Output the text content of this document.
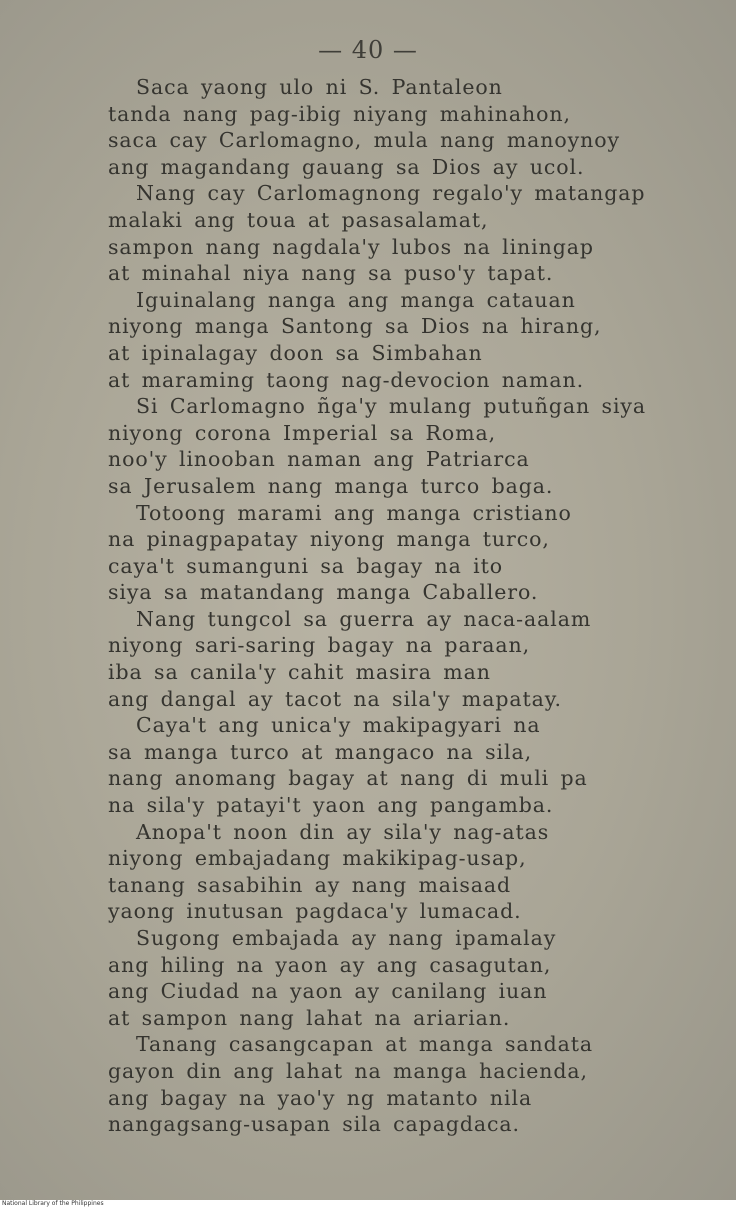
— 40 —
Saca yaong ulo ni S. Pantaleon
tanda nang pag-ibig niyang mahinahon,
saca cay Carlomagno, mula nang manoynoy
ang magandang gauang sa Dios ay ucol.
Nang cay Carlomagnong regalo'y matangap
malaki ang toua at pasasalamat,
sampon nang nagdala'y lubos na liningap
at minahal niya nang sa puso'y tapat.
Iguinalang nanga ang manga catauan
niyong manga Santong sa Dios na hirang,
at ipinalagay doon sa Simbahan
at maraming taong nag-devocion naman.
Si Carlomagno ñga'y mulang putuñgan siya
niyong corona Imperial sa Roma,
noo'y linooban naman ang Patriarca
sa Jerusalem nang manga turco baga.
Totoong marami ang manga cristiano
na pinagpapatay niyong manga turco,
caya't sumanguni sa bagay na ito
siya sa matandang manga Caballero.
Nang tungcol sa guerra ay naca-aalam
niyong sari-saring bagay na paraan,
iba sa canila'y cahit masira man
ang dangal ay tacot na sila'y mapatay.
Caya't ang unica'y makipagyari na
sa manga turco at mangaco na sila,
nang anomang bagay at nang di muli pa
na sila'y patayi't yaon ang pangamba.
Anopa't noon din ay sila'y nag-atas
niyong embajadang makikipag-usap,
tanang sasabihin ay nang maisaad
yaong inutusan pagdaca'y lumacad.
Sugong embajada ay nang ipamalay
ang hiling na yaon ay ang casagutan,
ang Ciudad na yaon ay canilang iuan
at sampon nang lahat na ariarian.
Tanang casangcapan at manga sandata
gayon din ang lahat na manga hacienda,
ang bagay na yao'y ng matanto nila
nangagsang-usapan sila capagdaca.
National Library of the Philippines
